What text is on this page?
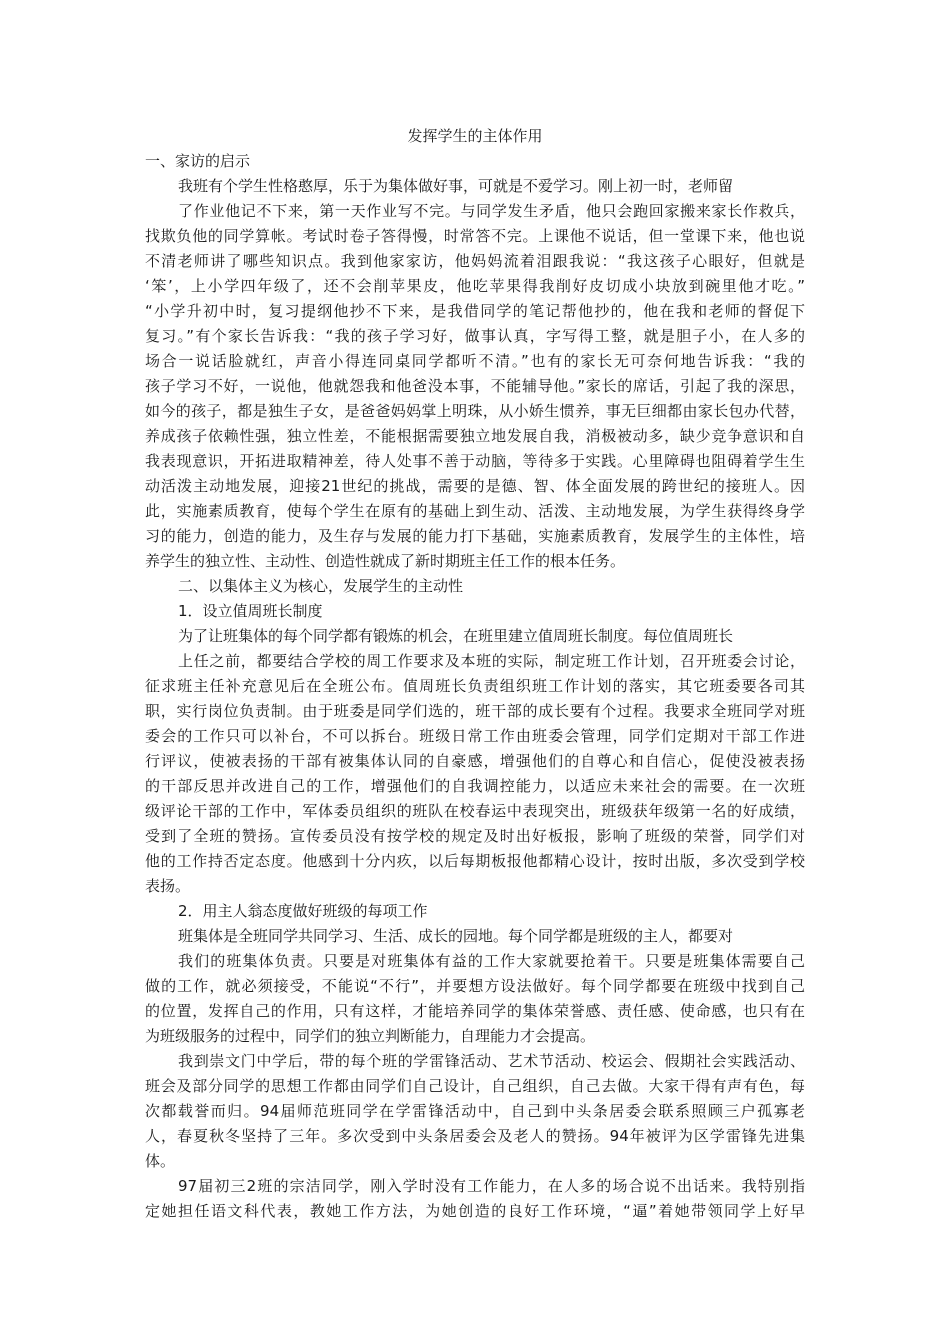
发挥学生的主体作用
一、家访的启示
我班有个学生性格憨厚，乐于为集体做好事，可就是不爱学习。刚上初一时，老师留
了作业他记不下来，第一天作业写不完。与同学发生矛盾，他只会跑回家搬来家长作救兵，
找欺负他的同学算帐。考试时卷子答得慢，时常答不完。上课他不说话，但一堂课下来，他也说
不清老师讲了哪些知识点。我到他家家访，他妈妈流着泪跟我说：“我这孩子心眼好，但就是
‘笨’，上小学四年级了，还不会削苹果皮，他吃苹果得我削好皮切成小块放到碗里他才吃。”
“小学升初中时，复习提纲他抄不下来，是我借同学的笔记帮他抄的，他在我和老师的督促下
复习。”有个家长告诉我：“我的孩子学习好，做事认真，字写得工整，就是胆子小，在人多的
场合一说话脸就红，声音小得连同桌同学都听不清。”也有的家长无可奈何地告诉我：“我的
孩子学习不好，一说他，他就怨我和他爸没本事，不能辅导他。”家长的席话，引起了我的深思，
如今的孩子，都是独生子女，是爸爸妈妈掌上明珠，从小娇生惯养，事无巨细都由家长包办代替，
养成孩子依赖性强，独立性差，不能根据需要独立地发展自我，消极被动多，缺少竞争意识和自
我表现意识，开拓进取精神差，待人处事不善于动脑，等待多于实践。心里障碍也阻碍着学生生
动活泼主动地发展，迎接21世纪的挑战，需要的是德、智、体全面发展的跨世纪的接班人。因
此，实施素质教育，使每个学生在原有的基础上到生动、活泼、主动地发展，为学生获得终身学
习的能力，创造的能力，及生存与发展的能力打下基础，实施素质教育，发展学生的主体性，培
养学生的独立性、主动性、创造性就成了新时期班主任工作的根本任务。
二、以集体主义为核心，发展学生的主动性
1．设立值周班长制度
为了让班集体的每个同学都有锻炼的机会，在班里建立值周班长制度。每位值周班长
上任之前，都要结合学校的周工作要求及本班的实际，制定班工作计划，召开班委会讨论，
征求班主任补充意见后在全班公布。值周班长负责组织班工作计划的落实，其它班委要各司其
职，实行岗位负责制。由于班委是同学们选的，班干部的成长要有个过程。我要求全班同学对班
委会的工作只可以补台，不可以拆台。班级日常工作由班委会管理，同学们定期对干部工作进
行评议，使被表扬的干部有被集体认同的自豪感，增强他们的自尊心和自信心，促使没被表扬
的干部反思并改进自己的工作，增强他们的自我调控能力，以适应未来社会的需要。在一次班
级评论干部的工作中，军体委员组织的班队在校春运中表现突出，班级获年级第一名的好成绩，
受到了全班的赞扬。宣传委员没有按学校的规定及时出好板报，影响了班级的荣誉，同学们对
他的工作持否定态度。他感到十分内疚，以后每期板报他都精心设计，按时出版，多次受到学校
表扬。
2．用主人翁态度做好班级的每项工作
班集体是全班同学共同学习、生活、成长的园地。每个同学都是班级的主人，都要对
我们的班集体负责。只要是对班集体有益的工作大家就要抢着干。只要是班集体需要自己
做的工作，就必须接受，不能说“不行”，并要想方设法做好。每个同学都要在班级中找到自己
的位置，发挥自己的作用，只有这样，才能培养同学的集体荣誉感、责任感、使命感，也只有在
为班级服务的过程中，同学们的独立判断能力，自理能力才会提高。
我到崇文门中学后，带的每个班的学雷锋活动、艺术节活动、校运会、假期社会实践活动、
班会及部分同学的思想工作都由同学们自己设计，自己组织，自己去做。大家干得有声有色，每
次都载誉而归。94届师范班同学在学雷锋活动中，自己到中头条居委会联系照顾三户孤寡老
人，春夏秋冬坚持了三年。多次受到中头条居委会及老人的赞扬。94年被评为区学雷锋先进集
体。
97届初三2班的宗洁同学，刚入学时没有工作能力，在人多的场合说不出话来。我特别指
定她担任语文科代表，教她工作方法，为她创造的良好工作环境，“逼”着她带领同学上好早
